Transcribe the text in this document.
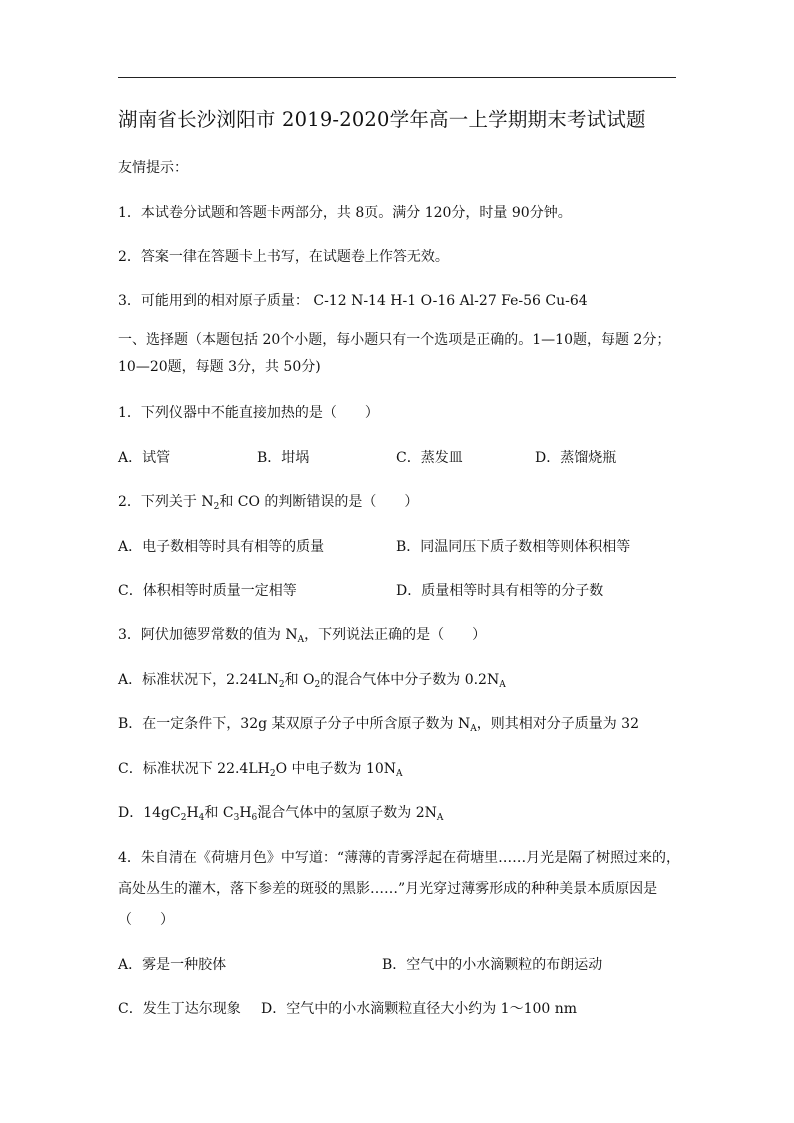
湖南省长沙浏阳市 2019-2020学年高一上学期期末考试试题
友情提示：
1．本试卷分试题和答题卡两部分，共 8页。满分 120分，时量 90分钟。
2．答案一律在答题卡上书写，在试题卷上作答无效。
3．可能用到的相对原子质量： C-12 N-14 H-1 O-16 Al-27 Fe-56 Cu-64
一、选择题（本题包括 20个小题，每小题只有一个选项是正确的。1—10题，每题 2分；
10—20题，每题 3分，共 50分)
1．下列仪器中不能直接加热的是（　　）
A．试管	B．坩埚	C．蒸发皿	D．蒸馏烧瓶
2．下列关于 $N_2$和 CO 的判断错误的是（　　）
A．电子数相等时具有相等的质量	B．同温同压下质子数相等则体积相等
C．体积相等时质量一定相等	D．质量相等时具有相等的分子数
3．阿伏加德罗常数的值为 $N_A$，下列说法正确的是（　　）
A．标准状况下，$2.24LN_2$和 $O_2$的混合气体中分子数为 $0.2N_A$
B．在一定条件下，32g 某双原子分子中所含原子数为 $N_A$，则其相对分子质量为 32
C．标准状况下 $22.4LH_2O$ 中电子数为 $10N_A$
D．$14gC_2H_4$和 $C_3H_6$混合气体中的氢原子数为 $2N_A$
4．朱自清在《荷塘月色》中写道：“薄薄的青雾浮起在荷塘里……月光是隔了树照过来的，
高处丛生的灌木，落下参差的斑驳的黑影……”月光穿过薄雾形成的种种美景本质原因是
（　　）
A．雾是一种胶体	B．空气中的小水滴颗粒的布朗运动
C．发生丁达尔现象 D．空气中的小水滴颗粒直径大小约为 1～100 nm
